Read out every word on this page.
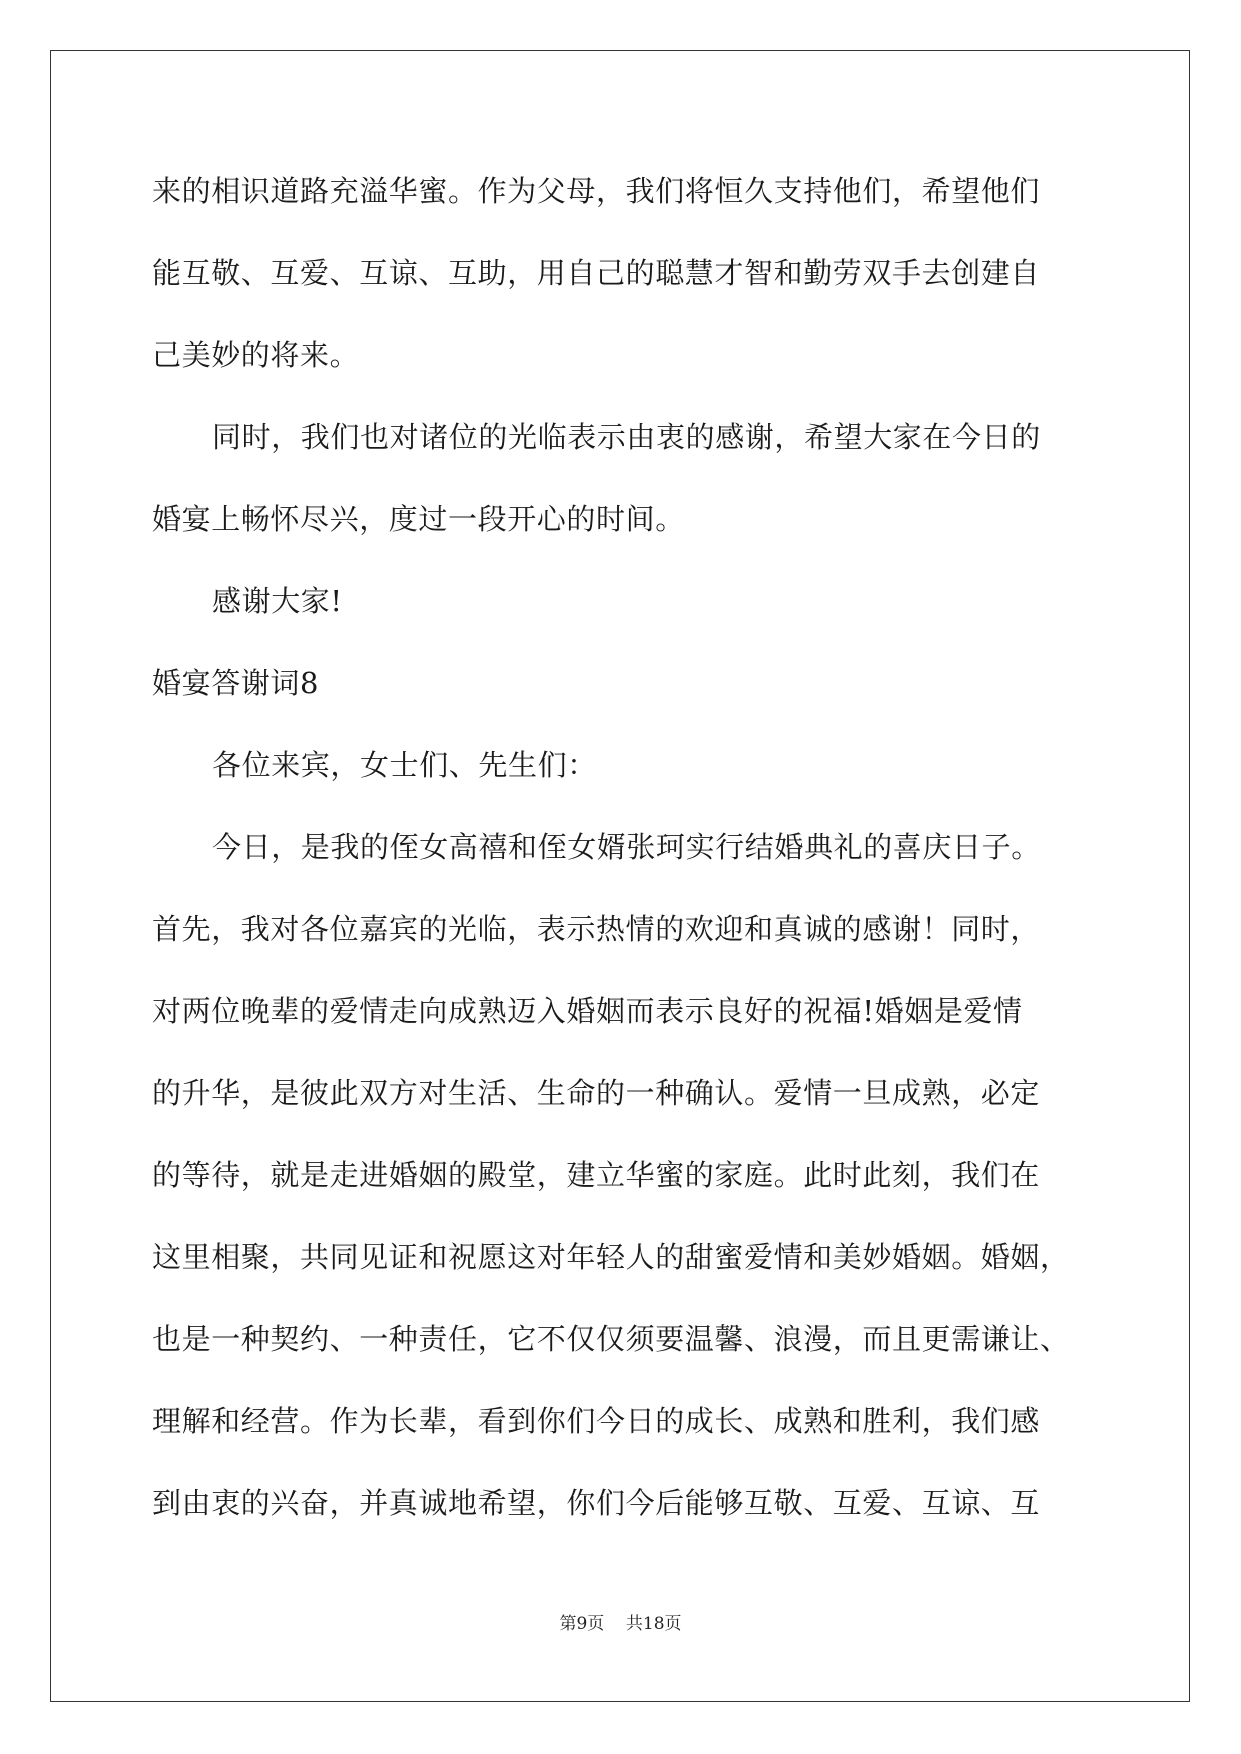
来的相识道路充溢华蜜。作为父母，我们将恒久支持他们，希望他们
能互敬、互爱、互谅、互助，用自己的聪慧才智和勤劳双手去创建自
己美妙的将来。
同时，我们也对诸位的光临表示由衷的感谢，希望大家在今日的
婚宴上畅怀尽兴，度过一段开心的时间。
感谢大家!
婚宴答谢词8
各位来宾，女士们、先生们：
今日，是我的侄女高禧和侄女婿张珂实行结婚典礼的喜庆日子。
首先，我对各位嘉宾的光临，表示热情的欢迎和真诚的感谢！同时，
对两位晚辈的爱情走向成熟迈入婚姻而表示良好的祝福!婚姻是爱情
的升华，是彼此双方对生活、生命的一种确认。爱情一旦成熟，必定
的等待，就是走进婚姻的殿堂，建立华蜜的家庭。此时此刻，我们在
这里相聚，共同见证和祝愿这对年轻人的甜蜜爱情和美妙婚姻。婚姻，
也是一种契约、一种责任，它不仅仅须要温馨、浪漫，而且更需谦让、
理解和经营。作为长辈，看到你们今日的成长、成熟和胜利，我们感
到由衷的兴奋，并真诚地希望，你们今后能够互敬、互爱、互谅、互
第9页 共18页
